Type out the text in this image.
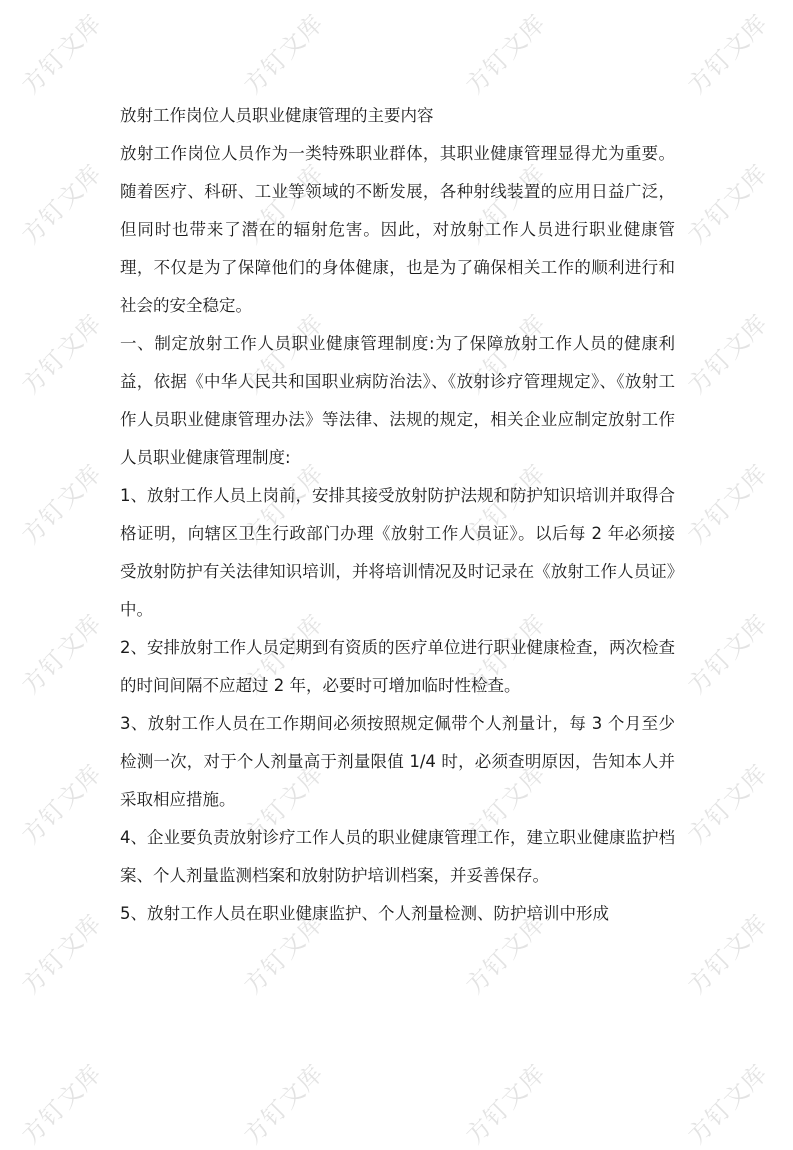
方钉文库	方钉文库	方钉文库	方钉文库
方钉文库	方钉文库	方钉文库	方钉文库
方钉文库	方钉文库	方钉文库	方钉文库
方钉文库	方钉文库	方钉文库	方钉文库
方钉文库	方钉文库	方钉文库	方钉文库
方钉文库	方钉文库	方钉文库	方钉文库
方钉文库	方钉文库	方钉文库	方钉文库
方钉文库	方钉文库	方钉文库	方钉文库
放射工作岗位人员职业健康管理的主要内容

放射工作岗位人员作为一类特殊职业群体，其职业健康管理显得尤为重要。随着医疗、科研、工业等领域的不断发展，各种射线装置的应用日益广泛，但同时也带来了潜在的辐射危害。因此，对放射工作人员进行职业健康管理，不仅是为了保障他们的身体健康，也是为了确保相关工作的顺利进行和社会的安全稳定。

一、制定放射工作人员职业健康管理制度:为了保障放射工作人员的健康利益，依据《中华人民共和国职业病防治法》、《放射诊疗管理规定》、《放射工作人员职业健康管理办法》等法律、法规的规定，相关企业应制定放射工作人员职业健康管理制度:

1、放射工作人员上岗前，安排其接受放射防护法规和防护知识培训并取得合格证明，向辖区卫生行政部门办理《放射工作人员证》。以后每 2 年必须接受放射防护有关法律知识培训，并将培训情况及时记录在《放射工作人员证》中。

2、安排放射工作人员定期到有资质的医疗单位进行职业健康检查，两次检查的时间间隔不应超过 2 年，必要时可增加临时性检查。

3、放射工作人员在工作期间必须按照规定佩带个人剂量计，每 3 个月至少检测一次，对于个人剂量高于剂量限值 1/4 时，必须查明原因，告知本人并采取相应措施。

4、企业要负责放射诊疗工作人员的职业健康管理工作，建立职业健康监护档案、个人剂量监测档案和放射防护培训档案，并妥善保存。

5、放射工作人员在职业健康监护、个人剂量检测、防护培训中形成
